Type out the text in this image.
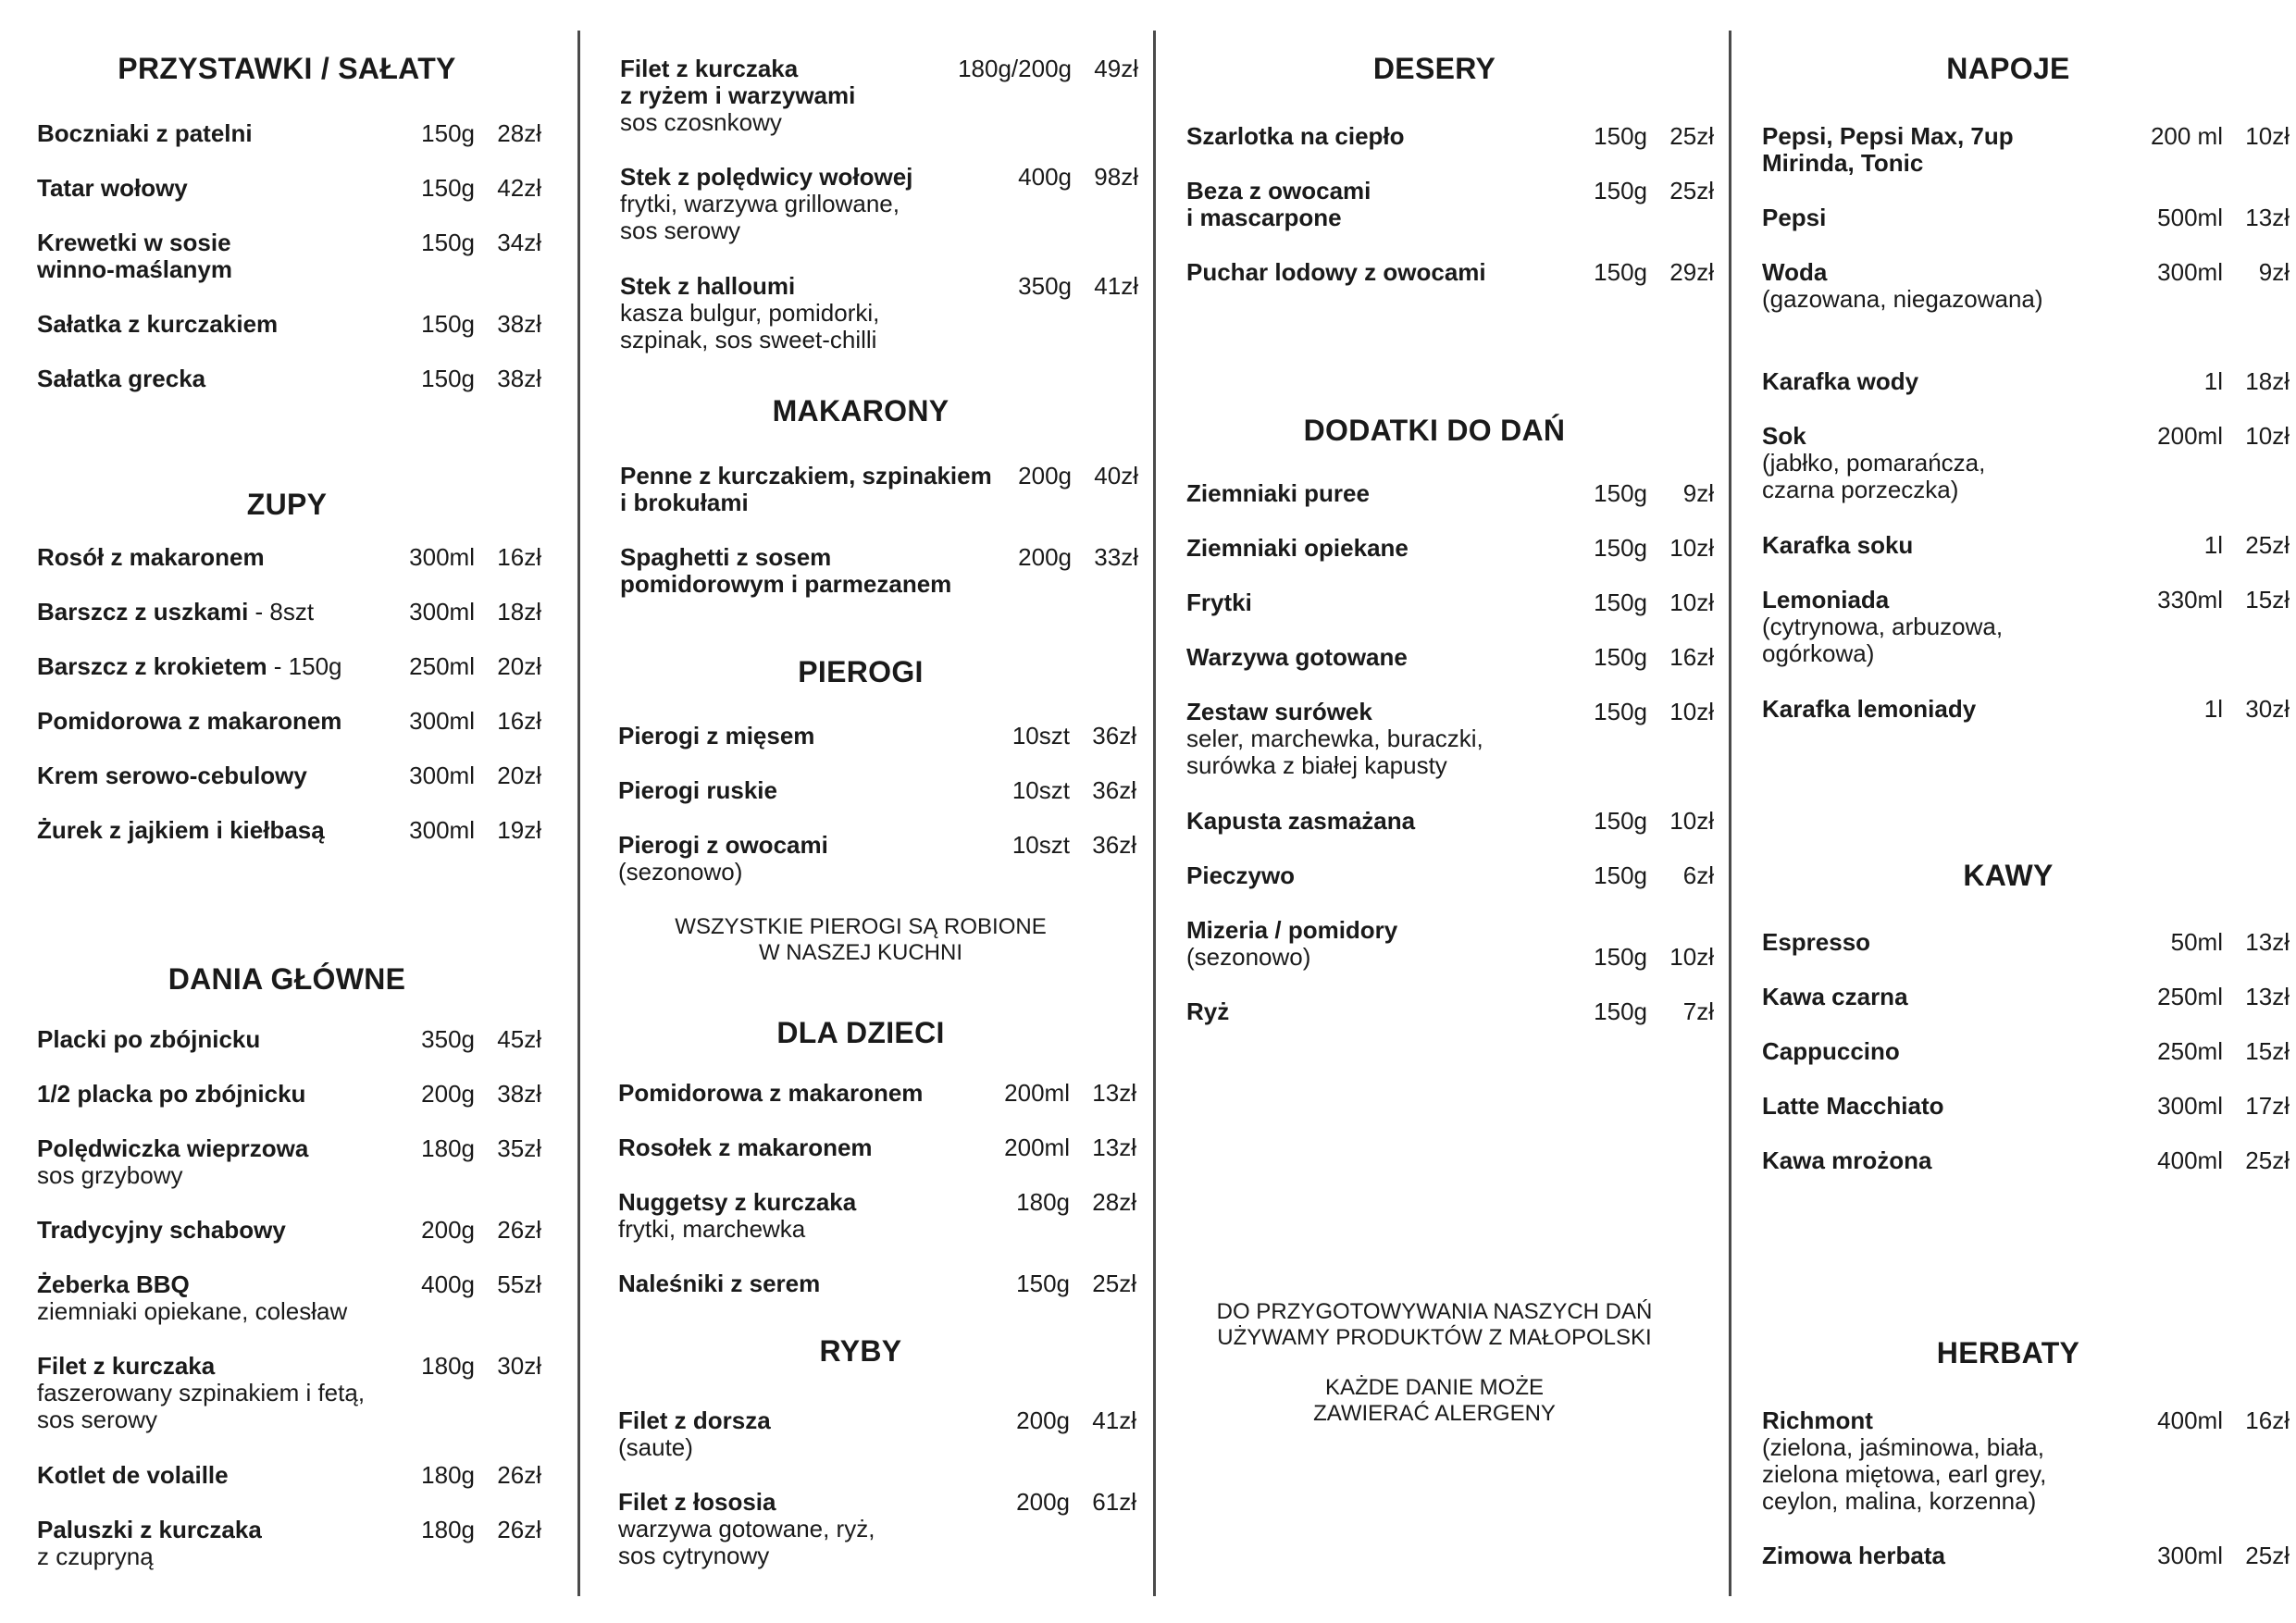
PRZYSTAWKI / SAŁATY
Boczniaki z patelni	150g 28zł
Tatar wołowy	150g 42zł
Krewetki w sosie
winno-maślanym
150g 34zł
Sałatka z kurczakiem	150g 38zł
Sałatka grecka	150g 38zł
ZUPY
Rosół z makaronem	300ml 16zł
Barszcz z uszkami - 8szt	300ml 18zł
Barszcz z krokietem - 150g	250ml 20zł
Pomidorowa z makaronem	300ml 16zł
Krem serowo-cebulowy	300ml 20zł
Żurek z jajkiem i kiełbasą	300ml 19zł
DANIA GŁÓWNE
Placki po zbójnicku	350g 45zł
1/2 placka po zbójnicku	200g 38zł
Polędwiczka wieprzowa
sos grzybowy
180g 35zł
Tradycyjny schabowy	200g 26zł
Żeberka BBQ
ziemniaki opiekane, colesław
400g 55zł
Filet z kurczaka
faszerowany szpinakiem i fetą,
sos serowy
180g 30zł
Kotlet de volaille	180g 26zł
Paluszki z kurczaka
z czupryną
180g 26zł
Filet z kurczaka
z ryżem i warzywami
sos czosnkowy
180g/200g 49zł
Stek z polędwicy wołowej
frytki, warzywa grillowane,
sos serowy
400g 98zł
Stek z halloumi
kasza bulgur, pomidorki,
szpinak, sos sweet-chilli
350g 41zł
MAKARONY
Penne z kurczakiem, szpinakiem
i brokułami
200g 40zł
Spaghetti z sosem
pomidorowym i parmezanem
200g 33zł
PIEROGI
Pierogi z mięsem	10szt 36zł
Pierogi ruskie	10szt 36zł
Pierogi z owocami
(sezonowo)
10szt 36zł
WSZYSTKIE PIEROGI SĄ ROBIONE
W NASZEJ KUCHNI
DLA DZIECI
Pomidorowa z makaronem	200ml 13zł
Rosołek z makaronem	200ml 13zł
Nuggetsy z kurczaka
frytki, marchewka
180g 28zł
Naleśniki z serem	150g 25zł
RYBY
Filet z dorsza
(saute)
200g 41zł
Filet z łososia
warzywa gotowane, ryż,
sos cytrynowy
200g 61zł
DESERY
Szarlotka na ciepło	150g 25zł
Beza z owocami
i mascarpone
150g 25zł
Puchar lodowy z owocami	150g 29zł
DODATKI DO DAŃ
Ziemniaki puree	150g 9zł
Ziemniaki opiekane	150g 10zł
Frytki	150g 10zł
Warzywa gotowane	150g 16zł
Zestaw surówek
seler, marchewka, buraczki,
surówka z białej kapusty
150g 10zł
Kapusta zasmażana	150g 10zł
Pieczywo	150g 6zł
Mizeria / pomidory
(sezonowo)	150g 10zł
Ryż	150g 7zł
DO PRZYGOTOWYWANIA NASZYCH DAŃ
UŻYWAMY PRODUKTÓW Z MAŁOPOLSKI
KAŻDE DANIE MOŻE
ZAWIERAĆ ALERGENY
NAPOJE
Pepsi, Pepsi Max, 7up
Mirinda, Tonic
200 ml 10zł
Pepsi	500ml 13zł
Woda
(gazowana, niegazowana)
300ml 9zł
Karafka wody	1l 18zł
Sok
(jabłko, pomarańcza,
czarna porzeczka)
200ml 10zł
Karafka soku	1l 25zł
Lemoniada
(cytrynowa, arbuzowa,
ogórkowa)
330ml 15zł
Karafka lemoniady	1l 30zł
KAWY
Espresso	50ml 13zł
Kawa czarna	250ml 13zł
Cappuccino	250ml 15zł
Latte Macchiato	300ml 17zł
Kawa mrożona	400ml 25zł
HERBATY
Richmont
(zielona, jaśminowa, biała,
zielona miętowa, earl grey,
ceylon, malina, korzenna)
400ml 16zł
Zimowa herbata	300ml 25zł
